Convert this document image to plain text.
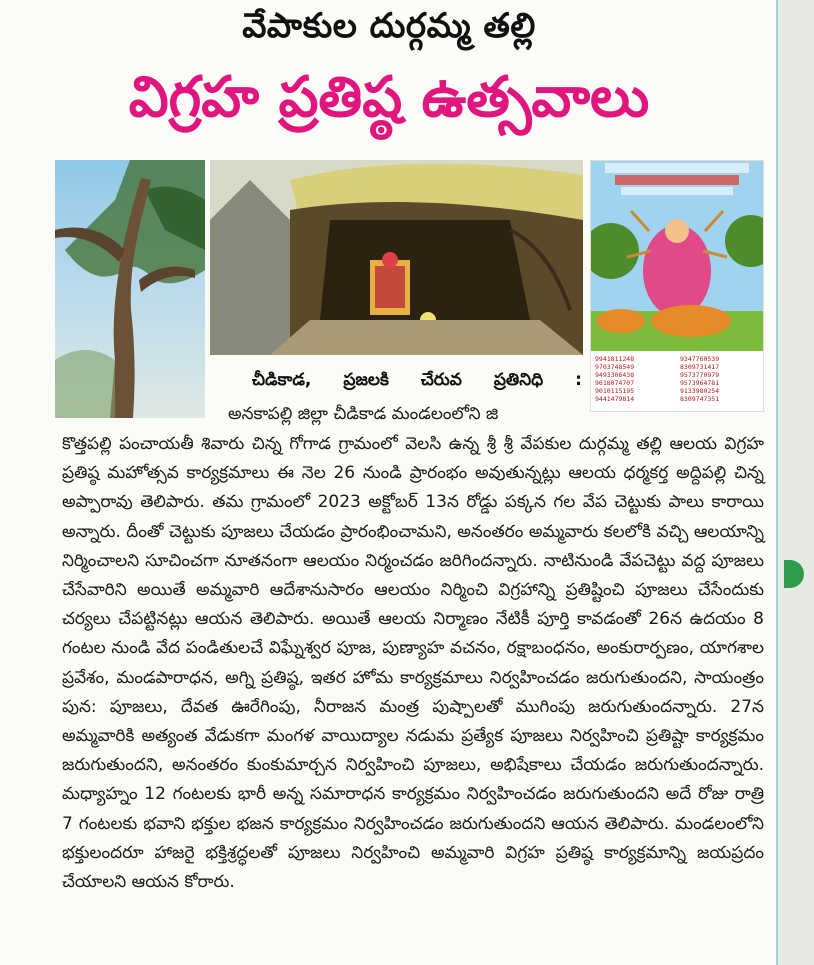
వేపాకుల దుర్గమ్మ తల్లి
విగ్రహ ప్రతిష్ఠ ఉత్సవాలు
9941811248	9347760539
9703748549	8309731417
9493306438	9573770979
9618074707	9573964781
9010115195	9133980254
9441479814	8309747351
చీడికాడ, ప్రజలకి చేరువ ప్రతినిధి :
అనకాపల్లి జిల్లా చీడికాడ మండలంలోని జి
కొత్తపల్లి పంచాయతీ శివారు చిన్న గోగాడ గ్రామంలో వెలసి ఉన్న శ్రీ శ్రీ వేపకుల దుర్గమ్మ తల్లి ఆలయ విగ్రహ ప్రతిష్ఠ మహోత్సవ కార్యక్రమాలు ఈ నెల 26 నుండి ప్రారంభం అవుతున్నట్లు ఆలయ ధర్మకర్త అద్దిపల్లి చిన్న అప్పారావు తెలిపారు. తమ గ్రామంలో 2023 అక్టోబర్ 13న రోడ్డు పక్కన గల వేప చెట్టుకు పాలు కారాయి అన్నారు. దీంతో చెట్టుకు పూజలు చేయడం ప్రారంభించామని, అనంతరం అమ్మవారు కలలోకి వచ్చి ఆలయాన్ని నిర్మించాలని సూచించగా నూతనంగా ఆలయం నిర్మంచడం జరిగిందన్నారు. నాటినుండి వేపచెట్టు వద్ద పూజలు చేసేవారిని అయితే అమ్మవారి ఆదేశానుసారం ఆలయం నిర్మించి విగ్రహాన్ని ప్రతిష్టించి పూజలు చేసేందుకు చర్యలు చేపట్టినట్లు ఆయన తెలిపారు. అయితే ఆలయ నిర్మాణం నేటికీ పూర్తి కావడంతో 26న ఉదయం 8 గంటల నుండి వేద పండితులచే విఘ్నేశ్వర పూజ, పుణ్యాహ వచనం, రక్షాబంధనం, అంకురార్పణం, యాగశాల ప్రవేశం, మండపారాధన, అగ్ని ప్రతిష్ఠ, ఇతర హోమ కార్యక్రమాలు నిర్వహించడం జరుగుతుందని, సాయంత్రం పున: పూజలు, దేవత ఊరేగింపు, నీరాజన మంత్ర పుష్పాలతో ముగింపు జరుగుతుందన్నారు. 27న అమ్మవారికి అత్యంత వేడుకగా మంగళ వాయిద్యాల నడుమ ప్రత్యేక పూజలు నిర్వహించి ప్రతిష్టా కార్యక్రమం జరుగుతుందని, అనంతరం కుంకుమార్చన నిర్వహించి పూజలు, అభిషేకాలు చేయడం జరుగుతుందన్నారు. మధ్యాహ్నం 12 గంటలకు భారీ అన్న సమారాధన కార్యక్రమం నిర్వహించడం జరుగుతుందని అదే రోజు రాత్రి 7 గంటలకు భవాని భక్తుల భజన కార్యక్రమం నిర్వహించడం జరుగుతుందని ఆయన తెలిపారు. మండలంలోని భక్తులందరూ హాజరై భక్తిశ్రద్ధలతో పూజలు నిర్వహించి అమ్మవారి విగ్రహ ప్రతిష్ఠ కార్యక్రమాన్ని జయప్రదం చేయాలని ఆయన కోరారు.
